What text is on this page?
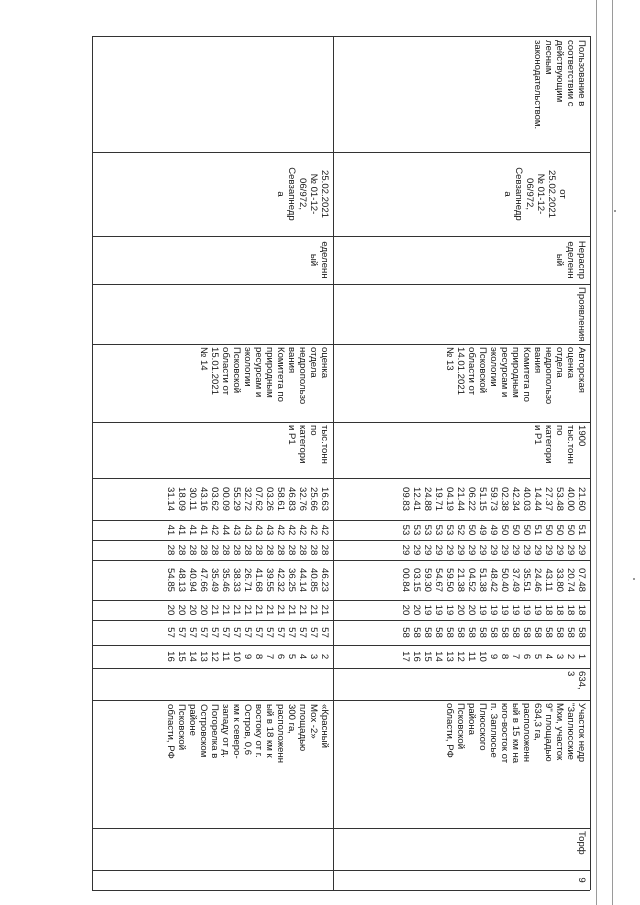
«Красный
Мох -2»
площадью
300 га,
расположенн
ый в 18 км к
востоку от г.
Остров, 0,6
км к северо-
западу от д.
Погорелка в
Островском
районе
Псковской
области, РФ
2
3
4
5
6
7
8
9
10
11
12
13
14
15
16
57
57
57
57
57
57
57
57
57
57
57
57
57
57
57
21
21
21
21
21
21
21
21
21
21
21
20
20
20
20
46.23
40.85
44.14
36.25
42.32
39.55
41.68
26.71
38.33
35.46
35.49
47.66
40.94
48.13
54.85
28
28
28
28
28
28
28
28
28
28
28
28
28
28
28
42
42
42
42
42
43
43
43
43
44
42
41
41
41
41
16.63
25.66
32.76
46.83
58.61
03.26
07.62
32.72
55.29
00.09
03.62
43.16
30.11
18.09
31.14
тыс.тонн
по
категори
и Р1
оценка
отдела
недропользо
вания
Комитета по
природным
ресурсам и
экологии
Псковской
области от
15.01.2021
№ 14
еделенн
ый
25.02.2021
№ 01-12-
06/972,
Севзапнедр
а
9
Торф
Участок недр
"Заплюсские
Мхи, участок
9" площадью
634,3 га,
расположенн
ый в 15 км на
юго-восток от
п. Заплюсье
Плюсского
района
Псковской
области, РФ
634,
3
1
2
3
4
5
6
7
8
9
10
11
12
13
14
15
16
17
58
58
58
58
58
58
58
58
58
58
58
58
58
58
58
58
58
18
18
18
18
19
19
19
19
19
19
20
20
19
19
19
20
20
07.48
20.74
33.80
43.11
24.46
35.51
37.49
50.40
48.42
51.38
04.52
21.38
59.50
54.67
59.30
03.15
00.84
29
29
29
29
29
29
29
29
29
29
29
29
29
29
29
29
29
51
50
50
50
51
50
50
50
49
49
50
52
53
53
53
53
53
21.60
40.00
53.48
27.37
14.44
40.03
42.34
02.38
59.73
51.15
06.22
21.44
04.19
19.71
24.88
12.41
09.83
1900
тыс.тонн
по
категори
и Р1
Авторская
оценка
отдела
недропользо
вания
Комитета по
природным
ресурсам и
экологии
Псковской
области от
14.01.2021
№ 13
Проявления
Нераспр
еделенн
ый
от
25.02.2021
№ 01-12-
06/972,
Севзапнедр
а
Пользование в
соответствии с
действующим
лесным
законодательством.
